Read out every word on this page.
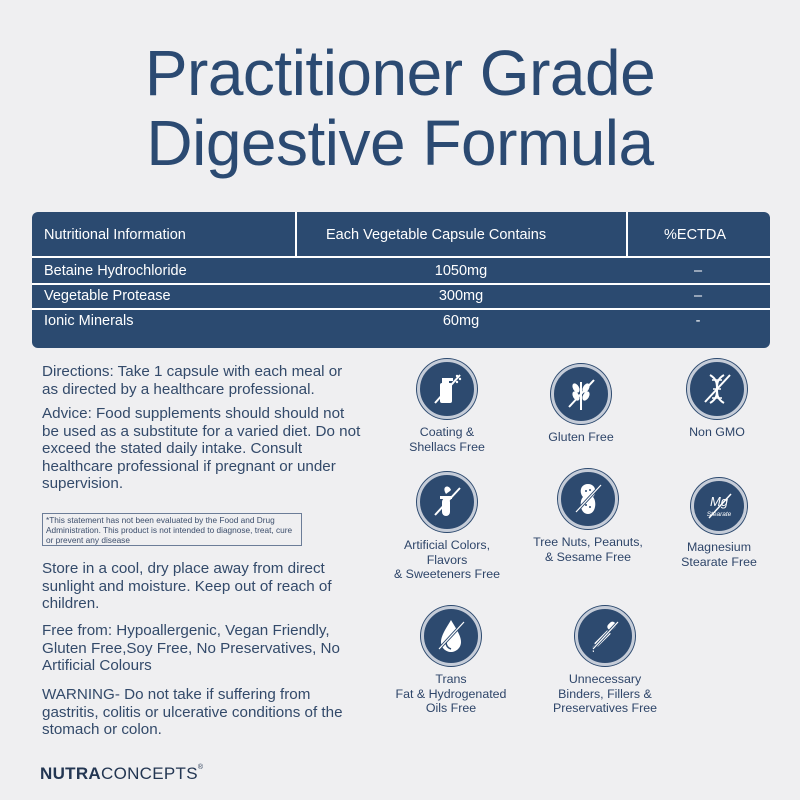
Practitioner Grade
Digestive Formula
Nutritional Information	Each Vegetable Capsule Contains	%ECTDA
Betaine Hydrochloride	1050mg	–
Vegetable Protease	300mg	–
Ionic Minerals	60mg	-

Directions: Take 1 capsule with each meal or as directed by a healthcare professional.

Advice: Food supplements should should not be used as a substitute for a varied diet. Do not exceed the stated daily intake. Consult healthcare professional if pregnant or under supervision.

*This statement has not been evaluated by the Food and Drug Administration. This product is not intended to diagnose, treat, cure or prevent any disease

Store in a cool, dry place away from direct sunlight and moisture. Keep out of reach of children.

Free from: Hypoallergenic, Vegan Friendly, Gluten Free,Soy Free, No Preservatives, No Artificial Colours

WARNING- Do not take if suffering from gastritis, colitis or ulcerative conditions of the stomach or colon.

Coating &
Shellacs Free
Gluten Free	Non GMO
Artificial Colors,
Flavors
& Sweeteners Free
Tree Nuts, Peanuts,
& Sesame Free
Mg
Stearate
Magnesium
Stearate Free
Trans
Fat & Hydrogenated
Oils Free
Unnecessary
Binders, Fillers &
Preservatives Free
NUTRACONCEPTS®
